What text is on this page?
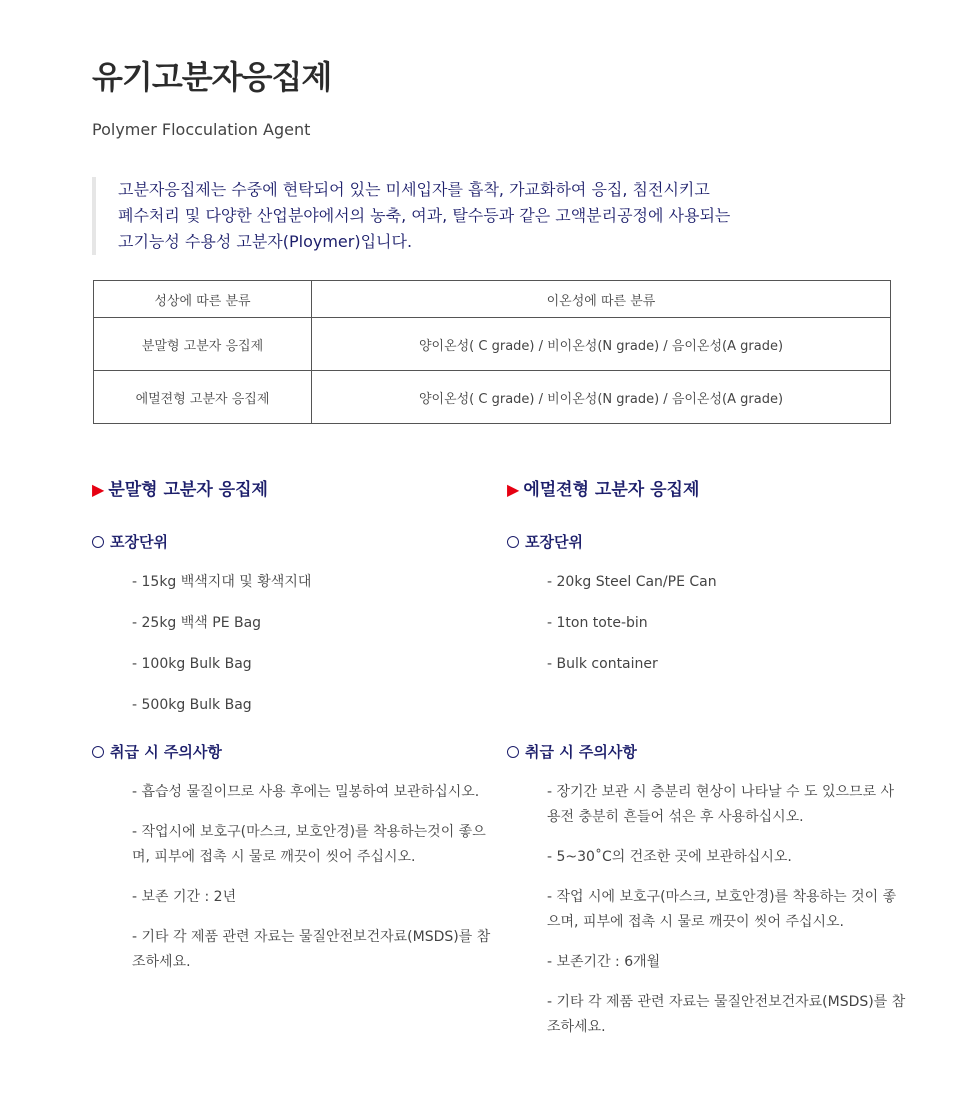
유기고분자응집제

Polymer Flocculation Agent

고분자응집제는 수중에 현탁되어 있는 미세입자를 흡착, 가교화하여 응집, 침전시키고

폐수처리 및 다양한 산업분야에서의 농축, 여과, 탈수등과 같은 고액분리공정에 사용되는

고기능성 수용성 고분자(Ploymer)입니다.

성상에 따른 분류	이온성에 따른 분류
분말형 고분자 응집제	양이온성( C grade) / 비이온성(N grade) / 음이온성(A grade)
에멀젼형 고분자 응집제	양이온성( C grade) / 비이온성(N grade) / 음이온성(A grade)
▶ 분말형 고분자 응집제
포장단위
- 15kg 백색지대 및 황색지대
- 25kg 백색 PE Bag
- 100kg Bulk Bag
- 500kg Bulk Bag
취급 시 주의사항
- 흡습성 물질이므로 사용 후에는 밀봉하여 보관하십시오.
- 작업시에 보호구(마스크, 보호안경)를 착용하는것이 좋으며, 피부에 접촉 시 물로 깨끗이 씻어 주십시오.
- 보존 기간 : 2년
- 기타 각 제품 관련 자료는 물질안전보건자료(MSDS)를 참조하세요.
▶ 에멀젼형 고분자 응집제
포장단위
- 20kg Steel Can/PE Can
- 1ton tote-bin
- Bulk container
취급 시 주의사항
- 장기간 보관 시 층분리 현상이 나타날 수 도 있으므로 사용전 충분히 흔들어 섞은 후 사용하십시오.
- 5~30˚C의 건조한 곳에 보관하십시오.
- 작업 시에 보호구(마스크, 보호안경)를 착용하는 것이 좋으며, 피부에 접촉 시 물로 깨끗이 씻어 주십시오.
- 보존기간 : 6개월
- 기타 각 제품 관련 자료는 물질안전보건자료(MSDS)를 참조하세요.
